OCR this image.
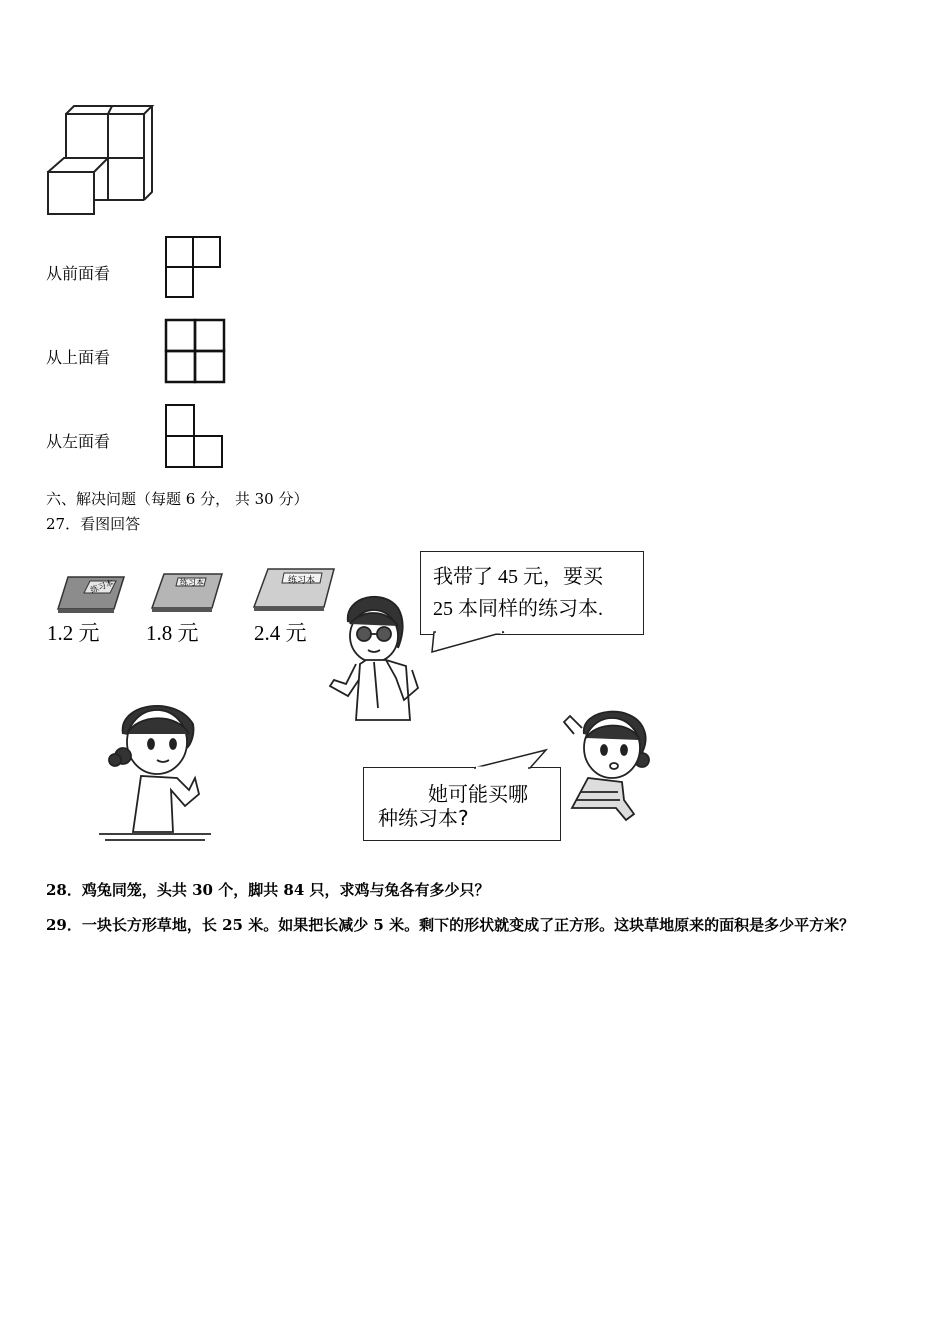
从前面看
从上面看
从左面看
六、解决问题（每题 6 分， 共 30 分）
27．看图回答
练习本
1.2 元
练习本
1.8 元
练习本
2.4 元
我带了 45 元，要买
25 本同样的练习本.
她可能买哪
种练习本?
28．鸡兔同笼，头共 30 个，脚共 84 只，求鸡与兔各有多少只？
29．一块长方形草地，长 25 米。如果把长减少 5 米。剩下的形状就变成了正方形。这块草地原来的面积是多少平方米？
